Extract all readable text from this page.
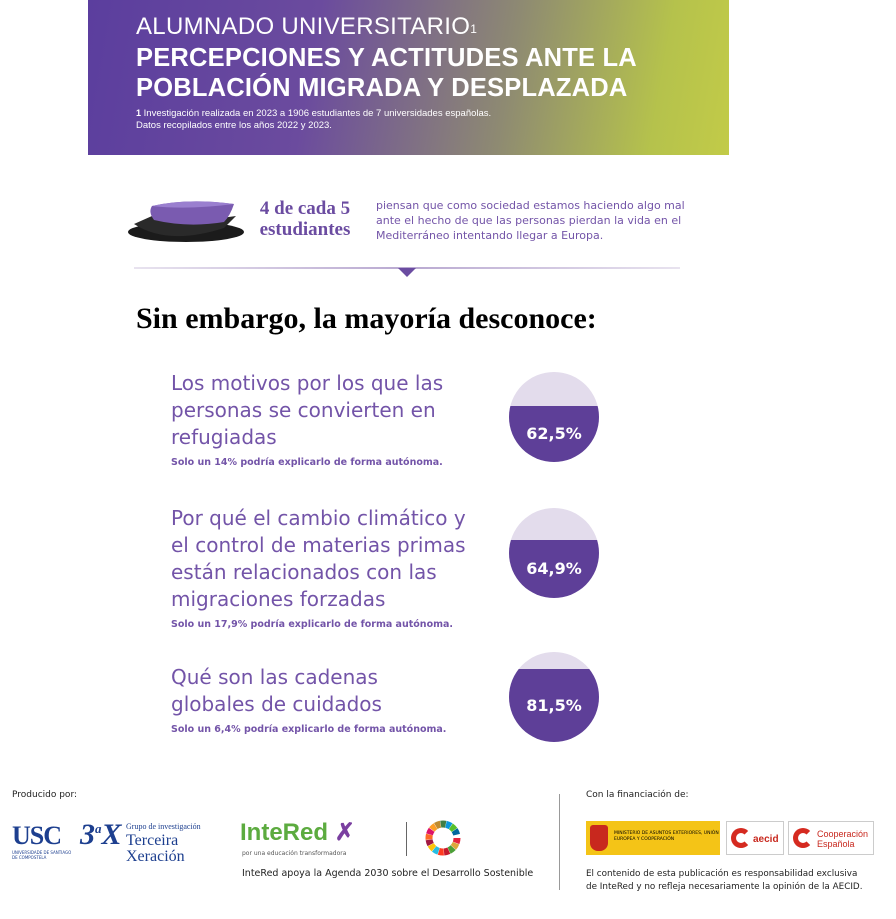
ALUMNADO UNIVERSITARIO$^1$
PERCEPCIONES Y ACTITUDES ANTE LA
POBLACIÓN MIGRADA Y DESPLAZADA
1 Investigación realizada en 2023 a 1906 estudiantes de 7 universidades españolas.
Datos recopilados entre los años 2022 y 2023.
4 de cada 5
estudiantes
piensan que como sociedad estamos haciendo algo mal
ante el hecho de que las personas pierdan la vida en el
Mediterráneo intentando llegar a Europa.
Sin embargo, la mayoría desconoce:
Los motivos por los que las
personas se convierten en
refugiadas
Solo un 14% podría explicarlo de forma autónoma.
62,5%
Por qué el cambio climático y
el control de materias primas
están relacionados con las
migraciones forzadas
Solo un 17,9% podría explicarlo de forma autónoma.
64,9%
Qué son las cadenas
globales de cuidados
Solo un 6,4% podría explicarlo de forma autónoma.
81,5%
Producido por:
USC
UNIVERSIDADE DE SANTIAGO DE COMPOSTELA
3$^a$X Grupo de investigación
Terceira
Xeración
InteRed ✗
por una educación transformadora
InteRed apoya la Agenda 2030 sobre el Desarrollo Sostenible
Con la financiación de:
MINISTERIO DE ASUNTOS EXTERIORES, UNIÓN EUROPEA Y COOPERACIÓN	aecid	Cooperación
Española
El contenido de esta publicación es responsabilidad exclusiva
de InteRed y no refleja necesariamente la opinión de la AECID.
